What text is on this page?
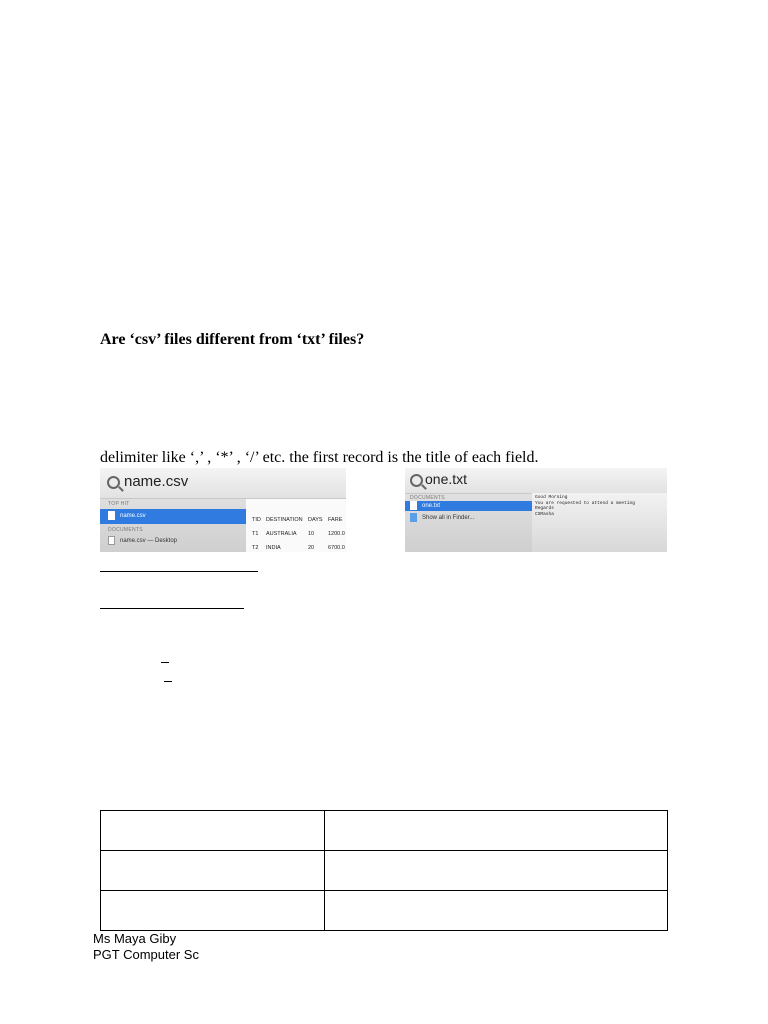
Are ‘csv’ files different from ‘txt’ files?
delimiter like ‘,’ , ‘*’ , ‘/’ etc. the first record is the title of each field.
name.csv
TOP HIT
name.csv
DOCUMENTS
name.csv — Desktop
TID DESTINATION DAYS FARE
T1 AUSTRALIA 10	1200.0
T2 INDIA	20	6700.0
one.txt
DOCUMENTS
one.txt
Show all in Finder...
Good Morning
You are requested to attend a meeting
Regards
CSMasha

Ms Maya Giby
PGT Computer Sc
